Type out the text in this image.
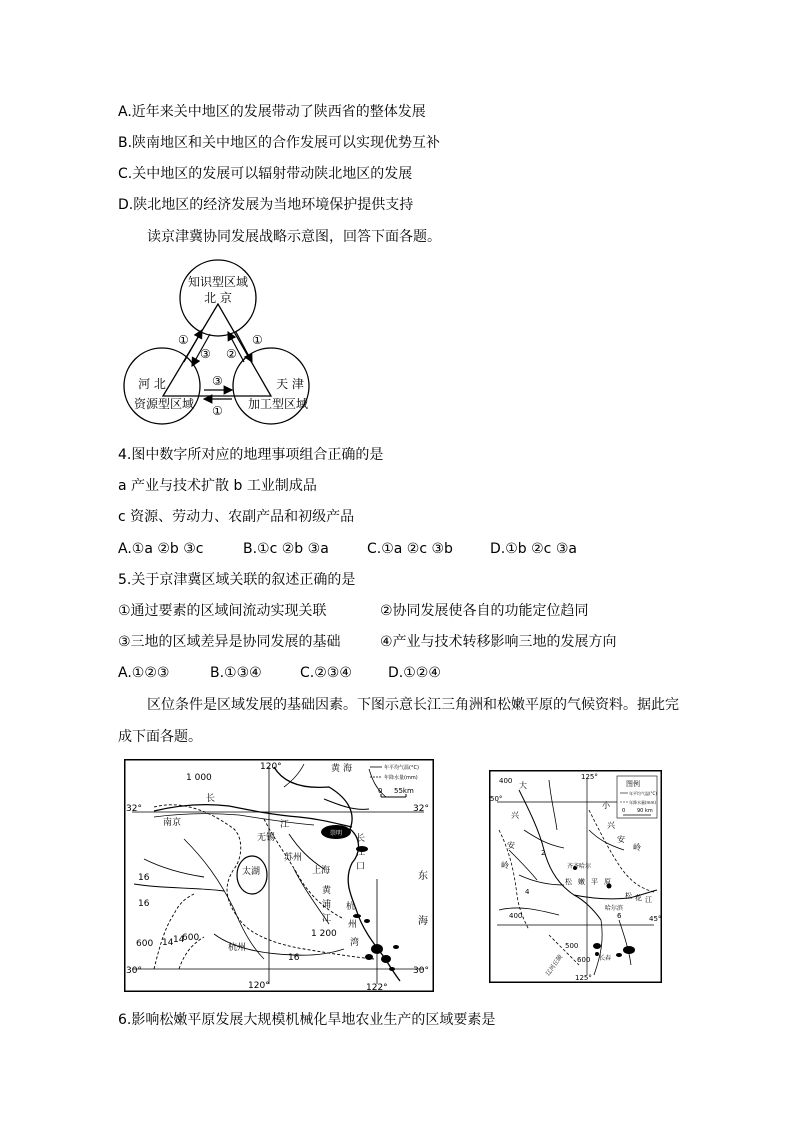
A.近年来关中地区的发展带动了陕西省的整体发展
B.陕南地区和关中地区的合作发展可以实现优势互补
C.关中地区的发展可以辐射带动陕北地区的发展
D.陕北地区的经济发展为当地环境保护提供支持
读京津冀协同发展战略示意图，回答下面各题。
知识型区域
北 京
河 北
资源型区域
天 津
加工型区域
①
③ ②
①
③
①
4.图中数字所对应的地理事项组合正确的是
a 产业与技术扩散 b 工业制成品
c 资源、劳动力、农副产品和初级产品
A.①a ②b ③c	B.①c ②b ③a	C.①a ②c ③b	D.①b ②c ③a
5.关于京津冀区域关联的叙述正确的是
①通过要素的区域间流动实现关联	②协同发展使各自的功能定位趋同
③三地的区域差异是协同发展的基础	④产业与技术转移影响三地的发展方向
A.①②③	B.①③④	C.②③④	D.①②④
区位条件是区域发展的基础因素。下图示意长江三角洲和松嫩平原的气候资料。据此完
成下面各题。
120°
120°	122°
32°	32°
30°	30°
年平均气温(°C)
年降水量(mm)
0 55km
黄 海
南京
无锡
苏州
太湖	上海
杭州
崇明
1 000
1 200
600
600
16
16
16
14 14
长
江
长
江
口
黄
浦
江
杭
州
湾
东
海
125°
125°
50°
45°
图例
年平均气温(°C)
年降水量(mm)
0 90 km
400
400
500
600
2
4
6
大
兴
安
岭
小
兴
安
岭
齐齐哈尔
松 嫩 平 原
哈尔滨
松 花 江
长春
辽河丘陵
6.影响松嫩平原发展大规模机械化旱地农业生产的区域要素是
